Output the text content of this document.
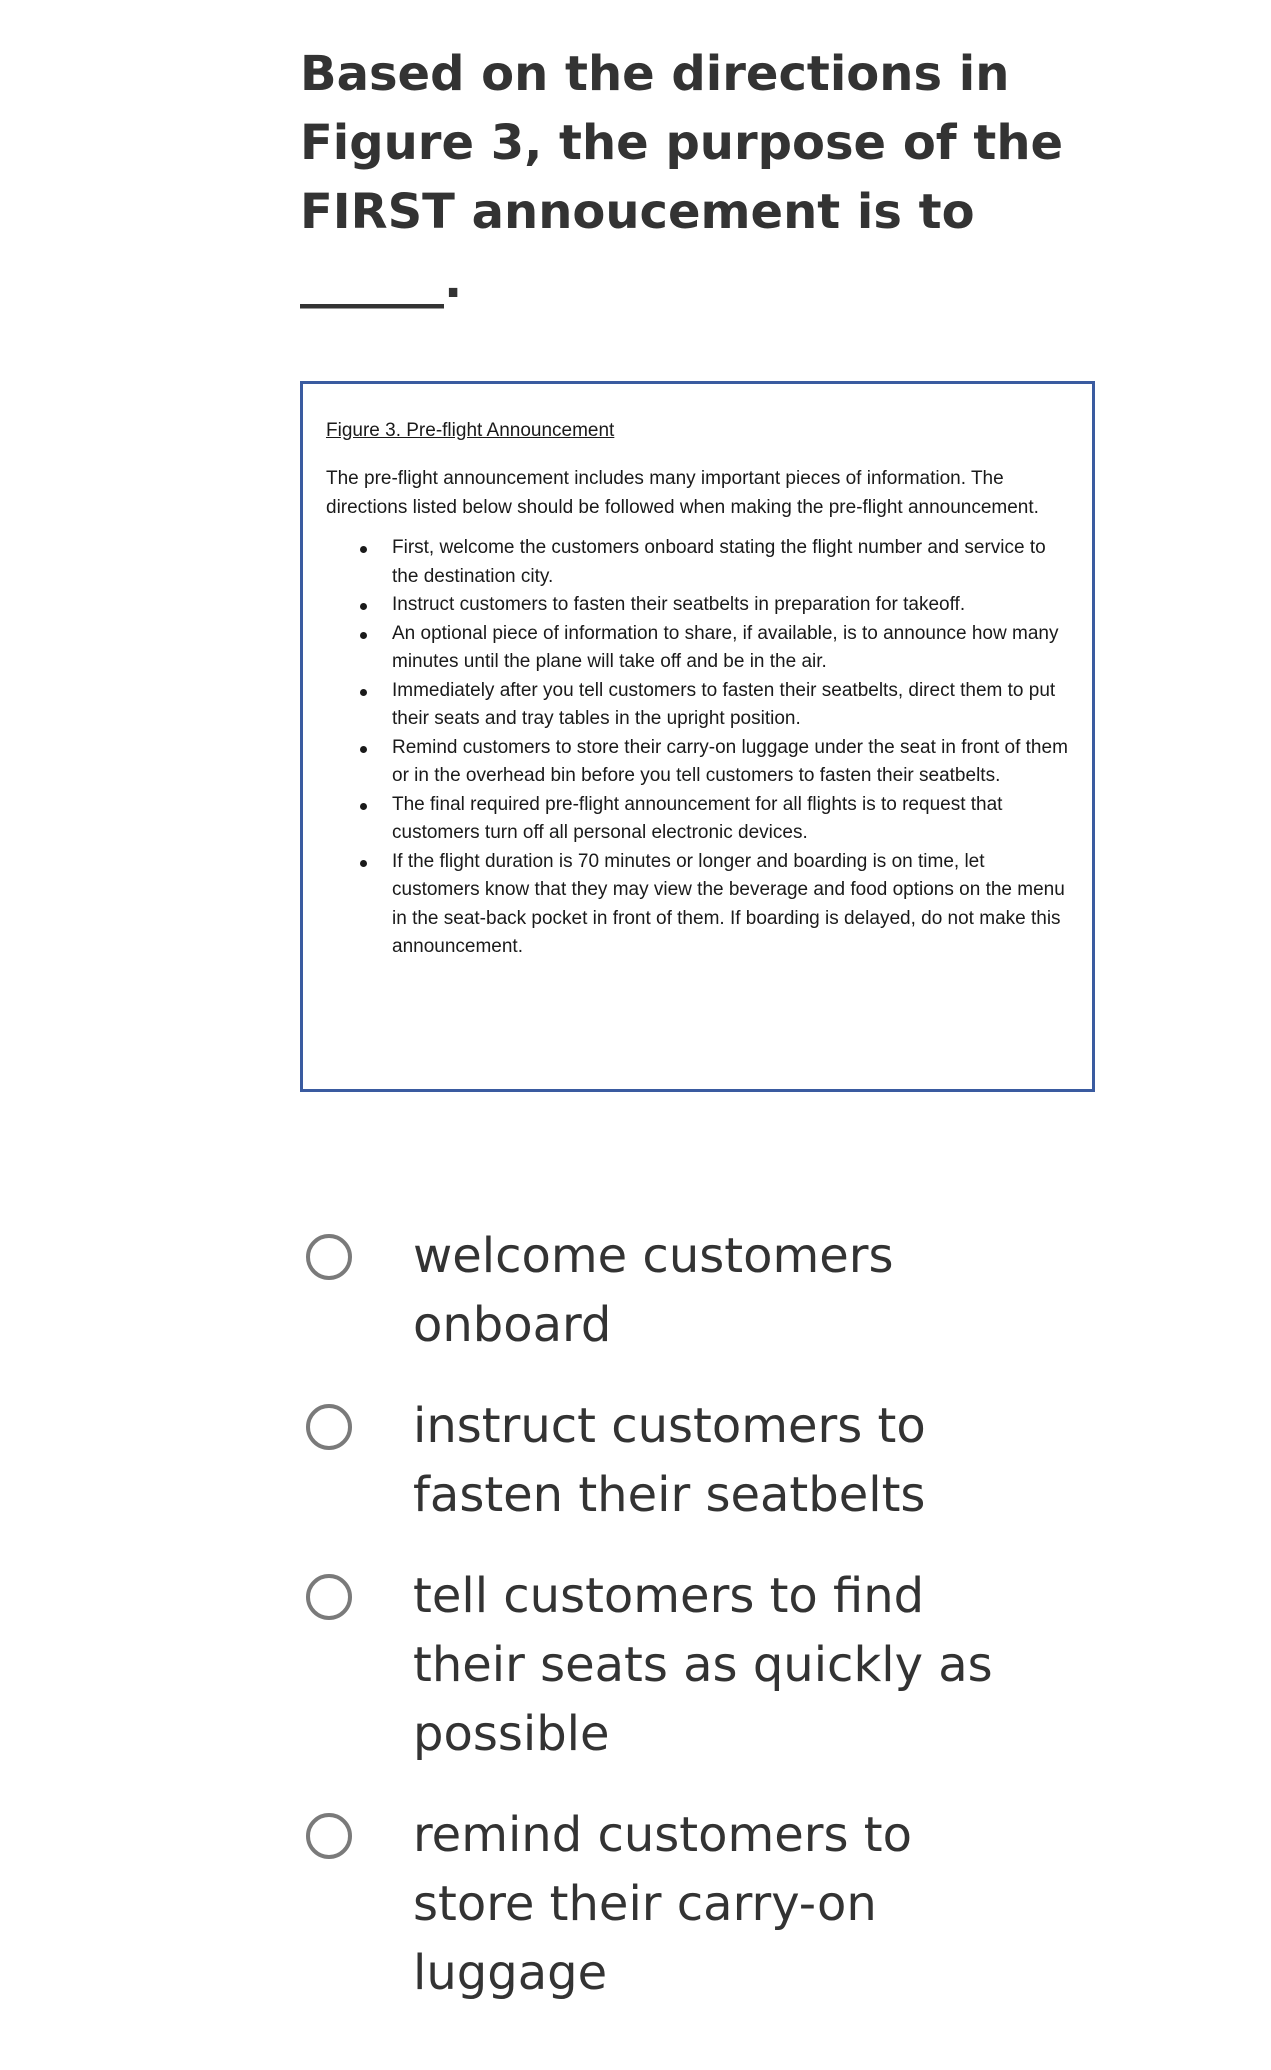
Based on the directions in Figure 3, the purpose of the FIRST annoucement is to
______.
Figure 3. Pre-flight Announcement
The pre-flight announcement includes many important pieces of information. The directions listed below should be followed when making the pre-flight announcement.
First, welcome the customers onboard stating the flight number and service to the destination city.
Instruct customers to fasten their seatbelts in preparation for takeoff.
An optional piece of information to share, if available, is to announce how many minutes until the plane will take off and be in the air.
Immediately after you tell customers to fasten their seatbelts, direct them to put their seats and tray tables in the upright position.
Remind customers to store their carry-on luggage under the seat in front of them or in the overhead bin before you tell customers to fasten their seatbelts.
The final required pre-flight announcement for all flights is to request that customers turn off all personal electronic devices.
If the flight duration is 70 minutes or longer and boarding is on time, let customers know that they may view the beverage and food options on the menu in the seat-back pocket in front of them. If boarding is delayed, do not make this announcement.
welcome customers onboard
instruct customers to fasten their seatbelts
tell customers to find their seats as quickly as possible
remind customers to store their carry-on luggage
